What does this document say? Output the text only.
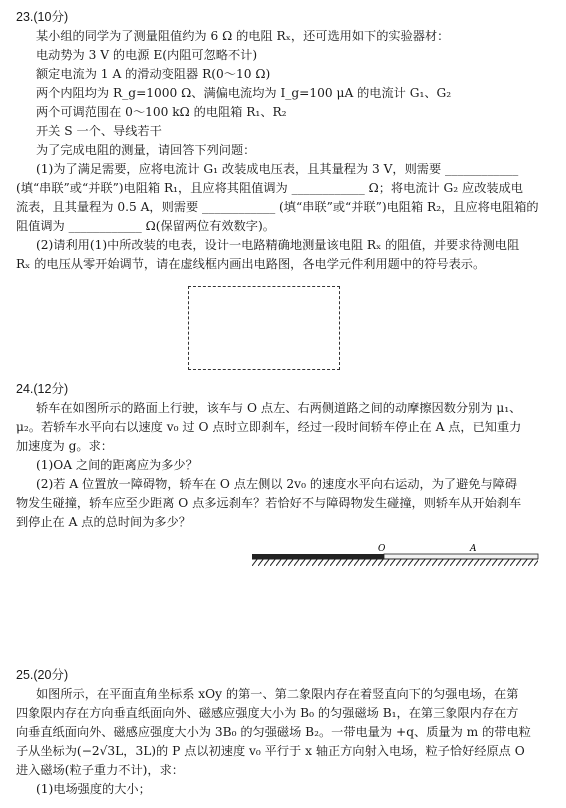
23.(10分)

某小组的同学为了测量阻值约为 6 Ω 的电阻 Rₓ，还可选用如下的实验器材：

电动势为 3 V 的电源 E(内阻可忽略不计)

额定电流为 1 A 的滑动变阻器 R(0～10 Ω)

两个内阻均为 R_g=1000 Ω、满偏电流均为 I_g=100 μA 的电流计 G₁、G₂

两个可调范围在 0～100 kΩ 的电阻箱 R₁、R₂

开关 S 一个、导线若干

为了完成电阻的测量，请回答下列问题：

(1)为了满足需要，应将电流计 G₁ 改装成电压表，且其量程为 3 V，则需要 ____________

(填“串联”或“并联”)电阻箱 R₁，且应将其阻值调为 ____________ Ω；将电流计 G₂ 应改装成电

流表，且其量程为 0.5 A，则需要 ____________ (填“串联”或“并联”)电阻箱 R₂，且应将电阻箱的

阻值调为 ____________ Ω(保留两位有效数字)。

(2)请利用(1)中所改装的电表，设计一电路精确地测量该电阻 Rₓ 的阻值，并要求待测电阻

Rₓ 的电压从零开始调节，请在虚线框内画出电路图，各电学元件利用题中的符号表示。

24.(12分)

轿车在如图所示的路面上行驶，该车与 O 点左、右两侧道路之间的动摩擦因数分别为 μ₁、

μ₂。若轿车水平向右以速度 v₀ 过 O 点时立即刹车，经过一段时间轿车停止在 A 点，已知重力

加速度为 g。求：

(1)OA 之间的距离应为多少？

(2)若 A 位置放一障碍物，轿车在 O 点左侧以 2v₀ 的速度水平向右运动，为了避免与障碍

物发生碰撞，轿车应至少距离 O 点多远刹车？若恰好不与障碍物发生碰撞，则轿车从开始刹车

到停止在 A 点的总时间为多少？

O	A

25.(20分)

如图所示，在平面直角坐标系 xOy 的第一、第二象限内存在着竖直向下的匀强电场，在第

四象限内存在方向垂直纸面向外、磁感应强度大小为 B₀ 的匀强磁场 B₁，在第三象限内存在方

向垂直纸面向外、磁感应强度大小为 3B₀ 的匀强磁场 B₂。一带电量为 +q、质量为 m 的带电粒

子从坐标为(−2√3L，3L)的 P 点以初速度 v₀ 平行于 x 轴正方向射入电场，粒子恰好经原点 O

进入磁场(粒子重力不计)，求：

(1)电场强度的大小；
